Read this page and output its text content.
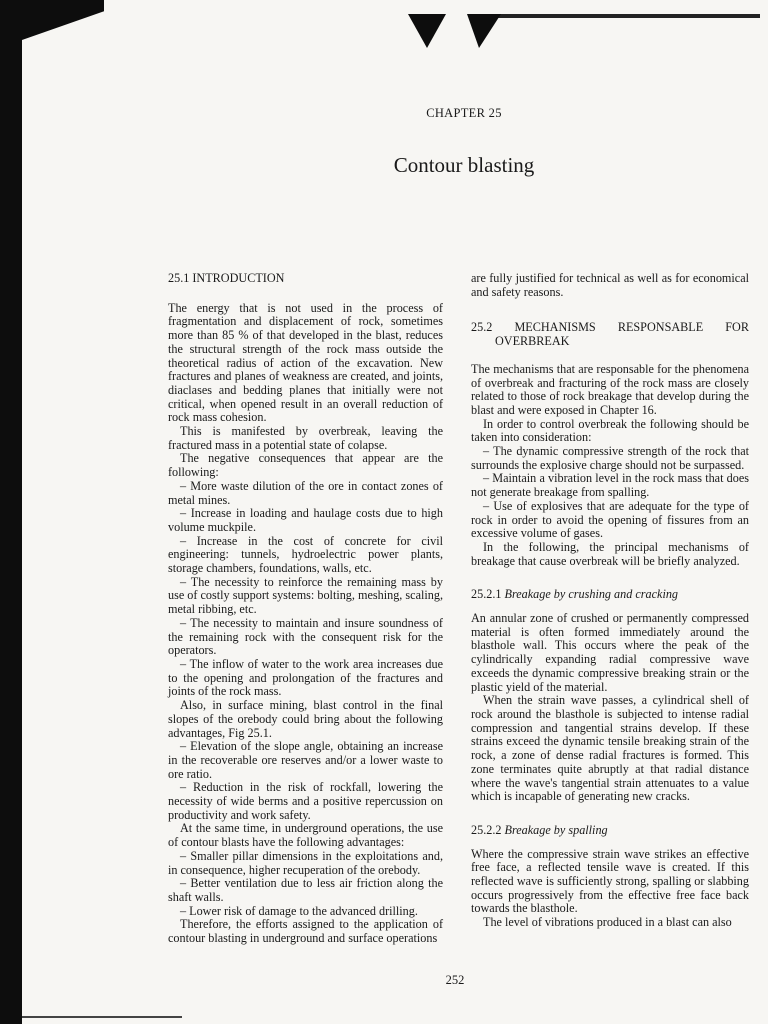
CHAPTER 25
Contour blasting
25.1 INTRODUCTION

The energy that is not used in the process of fragmentation and displacement of rock, sometimes more than 85 % of that developed in the blast, reduces the structural strength of the rock mass outside the theoretical radius of action of the excavation. New fractures and planes of weakness are created, and joints, diaclases and bedding planes that initially were not critical, when opened result in an overall reduction of rock mass cohesion.

This is manifested by overbreak, leaving the fractured mass in a potential state of colapse.

The negative consequences that appear are the following:

– More waste dilution of the ore in contact zones of metal mines.

– Increase in loading and haulage costs due to high volume muckpile.

– Increase in the cost of concrete for civil engineering: tunnels, hydroelectric power plants, storage chambers, foundations, walls, etc.

– The necessity to reinforce the remaining mass by use of costly support systems: bolting, meshing, scaling, metal ribbing, etc.

– The necessity to maintain and insure soundness of the remaining rock with the consequent risk for the operators.

– The inflow of water to the work area increases due to the opening and prolongation of the fractures and joints of the rock mass.

Also, in surface mining, blast control in the final slopes of the orebody could bring about the following advantages, Fig 25.1.

– Elevation of the slope angle, obtaining an increase in the recoverable ore reserves and/or a lower waste to ore ratio.

– Reduction in the risk of rockfall, lowering the necessity of wide berms and a positive repercussion on productivity and work safety.

At the same time, in underground operations, the use of contour blasts have the following advantages:

– Smaller pillar dimensions in the exploitations and, in consequence, higher recuperation of the orebody.

– Better ventilation due to less air friction along the shaft walls.

– Lower risk of damage to the advanced drilling.

Therefore, the efforts assigned to the application of contour blasting in underground and surface operations

are fully justified for technical as well as for economical and safety reasons.

25.2 MECHANISMS RESPONSABLE FOR OVERBREAK

The mechanisms that are responsable for the phenomena of overbreak and fracturing of the rock mass are closely related to those of rock breakage that develop during the blast and were exposed in Chapter 16.

In order to control overbreak the following should be taken into consideration:

– The dynamic compressive strength of the rock that surrounds the explosive charge should not be surpassed.

– Maintain a vibration level in the rock mass that does not generate breakage from spalling.

– Use of explosives that are adequate for the type of rock in order to avoid the opening of fissures from an excessive volume of gases.

In the following, the principal mechanisms of breakage that cause overbreak will be briefly analyzed.

25.2.1 Breakage by crushing and cracking

An annular zone of crushed or permanently compressed material is often formed immediately around the blasthole wall. This occurs where the peak of the cylindrically expanding radial compressive wave exceeds the dynamic compressive breaking strain or the plastic yield of the material.

When the strain wave passes, a cylindrical shell of rock around the blasthole is subjected to intense radial compression and tangential strains develop. If these strains exceed the dynamic tensile breaking strain of the rock, a zone of dense radial fractures is formed. This zone terminates quite abruptly at that radial distance where the wave's tangential strain attenuates to a value which is incapable of generating new cracks.

25.2.2 Breakage by spalling

Where the compressive strain wave strikes an effective free face, a reflected tensile wave is created. If this reflected wave is sufficiently strong, spalling or slabbing occurs progressively from the effective free face back towards the blasthole.

The level of vibrations produced in a blast can also

252
